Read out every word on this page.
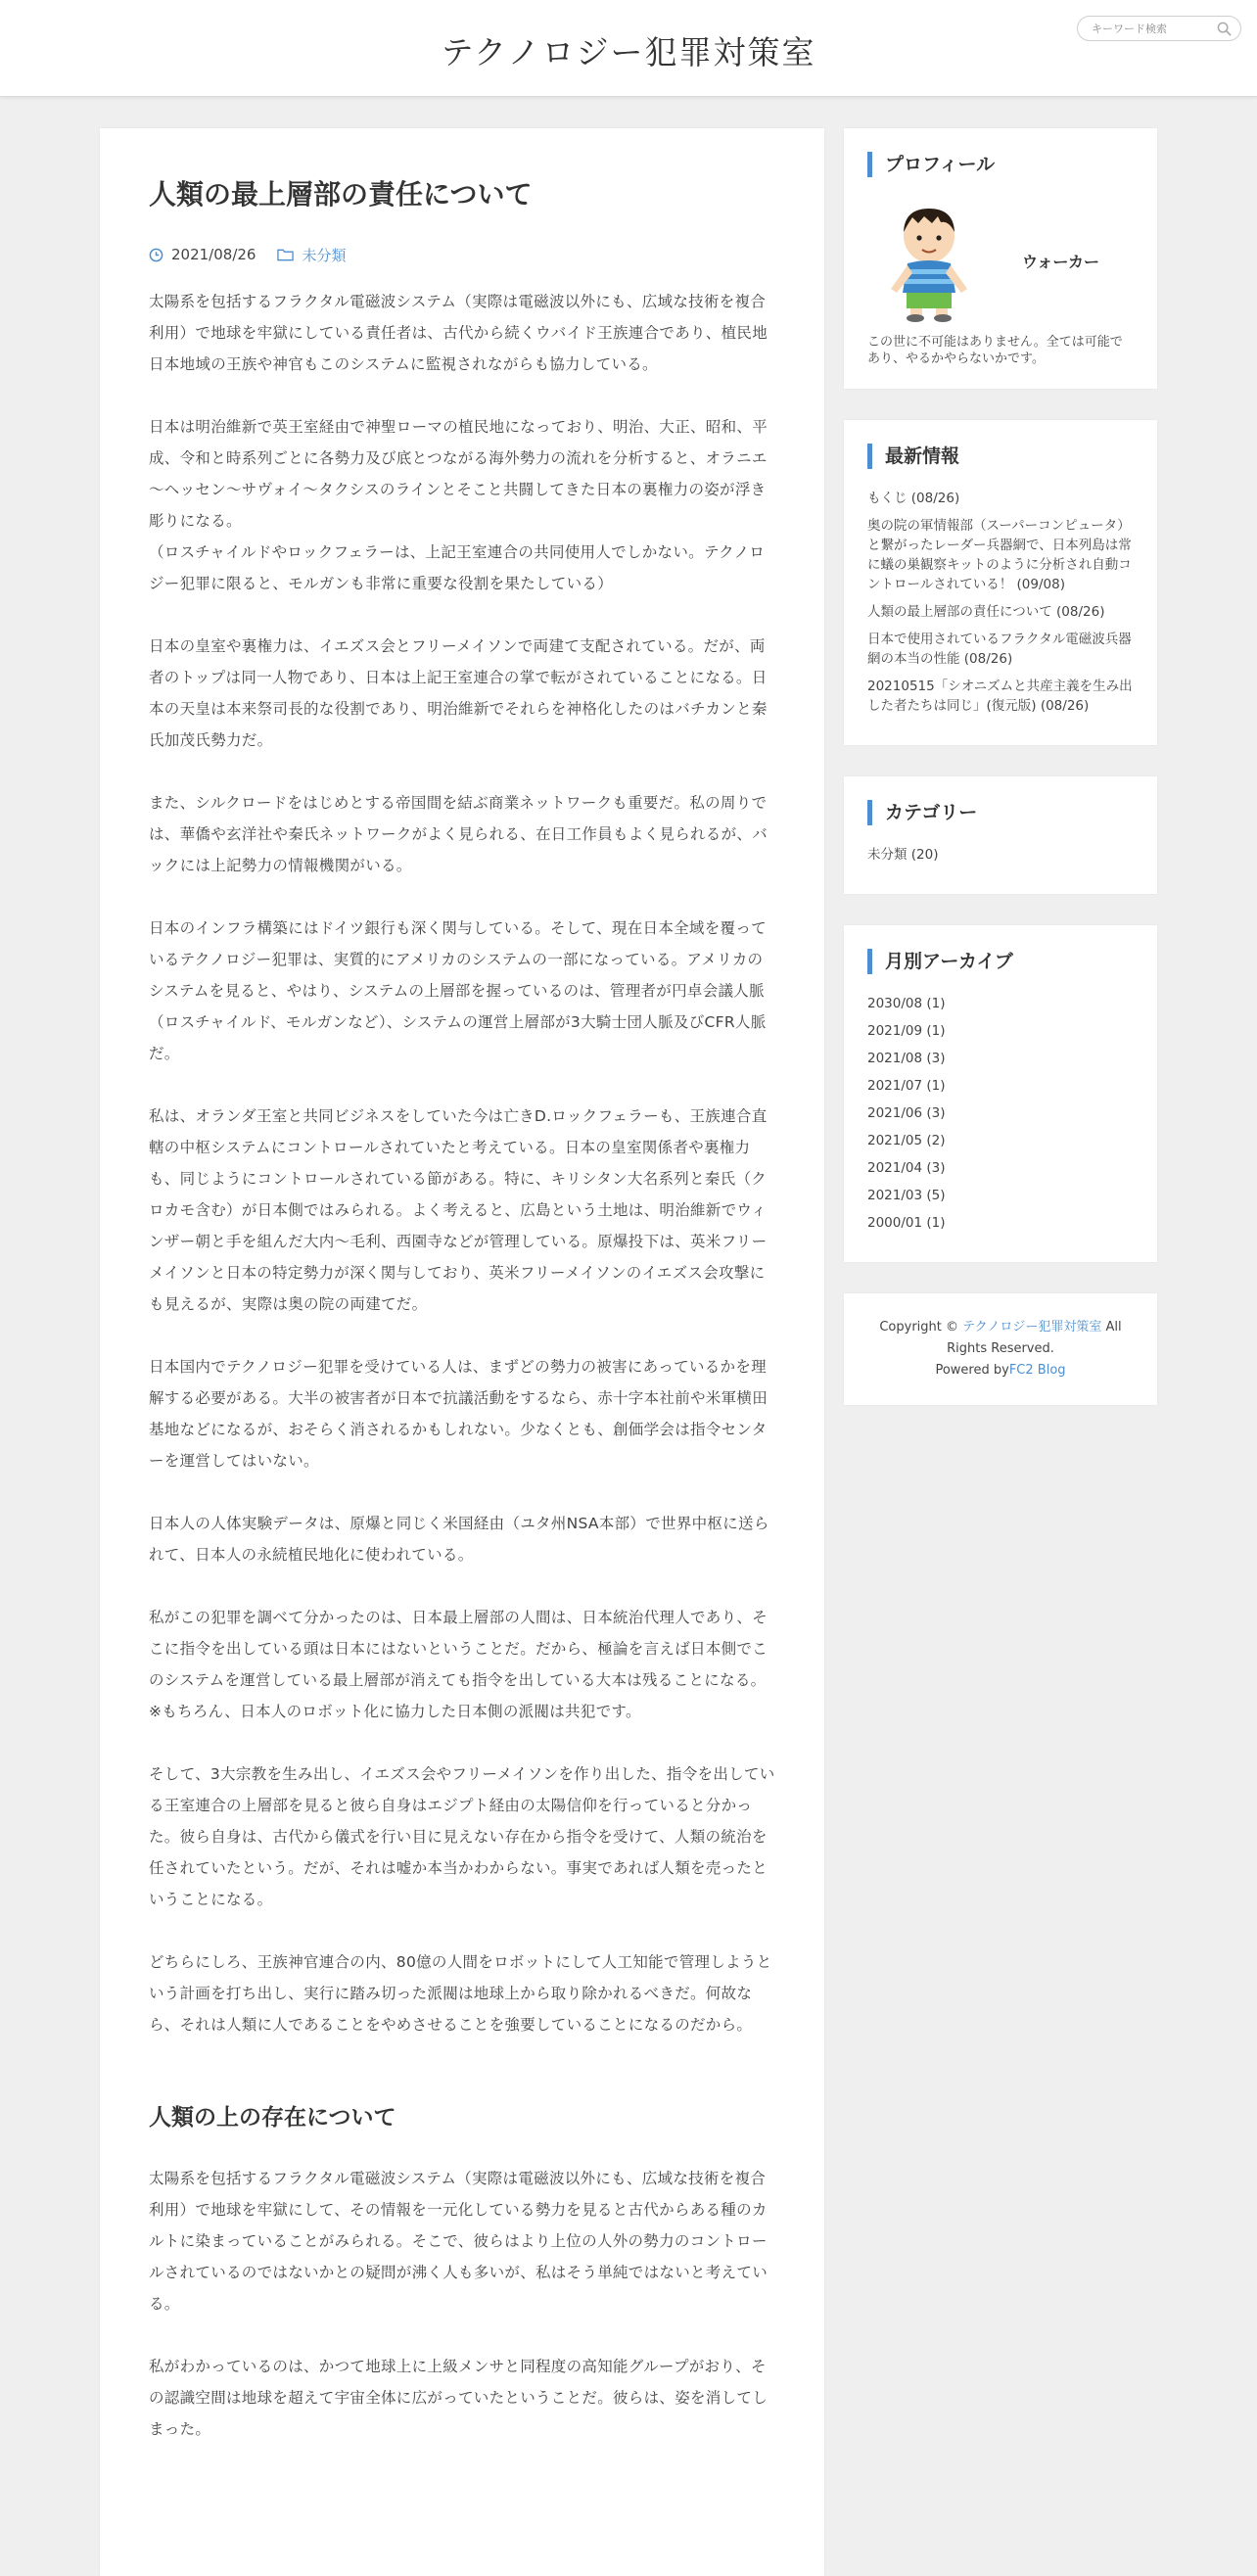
テクノロジー犯罪対策室
キーワード検索
人類の最上層部の責任について
2021/08/26	未分類

太陽系を包括するフラクタル電磁波システム（実際は電磁波以外にも、広域な技術を複合利用）で地球を牢獄にしている責任者は、古代から続くウバイド王族連合であり、植民地日本地域の王族や神官もこのシステムに監視されながらも協力している。

日本は明治維新で英王室経由で神聖ローマの植民地になっており、明治、大正、昭和、平成、令和と時系列ごとに各勢力及び底とつながる海外勢力の流れを分析すると、オラニエ～ヘッセン～サヴォイ～タクシスのラインとそこと共闘してきた日本の裏権力の姿が浮き彫りになる。
（ロスチャイルドやロックフェラーは、上記王室連合の共同使用人でしかない。テクノロジー犯罪に限ると、モルガンも非常に重要な役割を果たしている）

日本の皇室や裏権力は、イエズス会とフリーメイソンで両建て支配されている。だが、両者のトップは同一人物であり、日本は上記王室連合の掌で転がされていることになる。日本の天皇は本来祭司長的な役割であり、明治維新でそれらを神格化したのはバチカンと秦氏加茂氏勢力だ。

また、シルクロードをはじめとする帝国間を結ぶ商業ネットワークも重要だ。私の周りでは、華僑や玄洋社や秦氏ネットワークがよく見られる、在日工作員もよく見られるが、バックには上記勢力の情報機関がいる。

日本のインフラ構築にはドイツ銀行も深く関与している。そして、現在日本全域を覆っているテクノロジー犯罪は、実質的にアメリカのシステムの一部になっている。アメリカのシステムを見ると、やはり、システムの上層部を握っているのは、管理者が円卓会議人脈（ロスチャイルド、モルガンなど）、システムの運営上層部が3大騎士団人脈及びCFR人脈だ。

私は、オランダ王室と共同ビジネスをしていた今は亡きD.ロックフェラーも、王族連合直轄の中枢システムにコントロールされていたと考えている。日本の皇室関係者や裏権力も、同じようにコントロールされている節がある。特に、キリシタン大名系列と秦氏（クロカモ含む）が日本側ではみられる。よく考えると、広島という土地は、明治維新でウィンザー朝と手を組んだ大内～毛利、西園寺などが管理している。原爆投下は、英米フリーメイソンと日本の特定勢力が深く関与しており、英米フリーメイソンのイエズス会攻撃にも見えるが、実際は奥の院の両建てだ。

日本国内でテクノロジー犯罪を受けている人は、まずどの勢力の被害にあっているかを理解する必要がある。大半の被害者が日本で抗議活動をするなら、赤十字本社前や米軍横田基地などになるが、おそらく消されるかもしれない。少なくとも、創価学会は指令センターを運営してはいない。

日本人の人体実験データは、原爆と同じく米国経由（ユタ州NSA本部）で世界中枢に送られて、日本人の永続植民地化に使われている。

私がこの犯罪を調べて分かったのは、日本最上層部の人間は、日本統治代理人であり、そこに指令を出している頭は日本にはないということだ。だから、極論を言えば日本側でこのシステムを運営している最上層部が消えても指令を出している大本は残ることになる。
※もちろん、日本人のロボット化に協力した日本側の派閥は共犯です。

そして、3大宗教を生み出し、イエズス会やフリーメイソンを作り出した、指令を出している王室連合の上層部を見ると彼ら自身はエジプト経由の太陽信仰を行っていると分かった。彼ら自身は、古代から儀式を行い目に見えない存在から指令を受けて、人類の統治を任されていたという。だが、それは嘘か本当かわからない。事実であれば人類を売ったということになる。

どちらにしろ、王族神官連合の内、80億の人間をロボットにして人工知能で管理しようという計画を打ち出し、実行に踏み切った派閥は地球上から取り除かれるべきだ。何故なら、それは人類に人であることをやめさせることを強要していることになるのだから。

人類の上の存在について

太陽系を包括するフラクタル電磁波システム（実際は電磁波以外にも、広域な技術を複合利用）で地球を牢獄にして、その情報を一元化している勢力を見ると古代からある種のカルトに染まっていることがみられる。そこで、彼らはより上位の人外の勢力のコントロールされているのではないかとの疑問が沸く人も多いが、私はそう単純ではないと考えている。

私がわかっているのは、かつて地球上に上級メンサと同程度の高知能グループがおり、その認識空間は地球を超えて宇宙全体に広がっていたということだ。彼らは、姿を消してしまった。

プロフィール
ウォーカー
この世に不可能はありません。全ては可能であり、やるかやらないかです。
最新情報
もくじ (08/26)
奥の院の軍情報部（スーパーコンピュータ）と繋がったレーダー兵器網で、日本列島は常に蟻の巣観察キットのように分析され自動コントロールされている！ (09/08)
人類の最上層部の責任について (08/26)
日本で使用されているフラクタル電磁波兵器網の本当の性能 (08/26)
20210515「シオニズムと共産主義を生み出した者たちは同じ」(復元版) (08/26)
カテゴリー
未分類 (20)
月別アーカイブ
2030/08 (1)
2021/09 (1)
2021/08 (3)
2021/07 (1)
2021/06 (3)
2021/05 (2)
2021/04 (3)
2021/03 (5)
2000/01 (1)
Copyright © テクノロジー犯罪対策室 All Rights Reserved.
Powered byFC2 Blog
